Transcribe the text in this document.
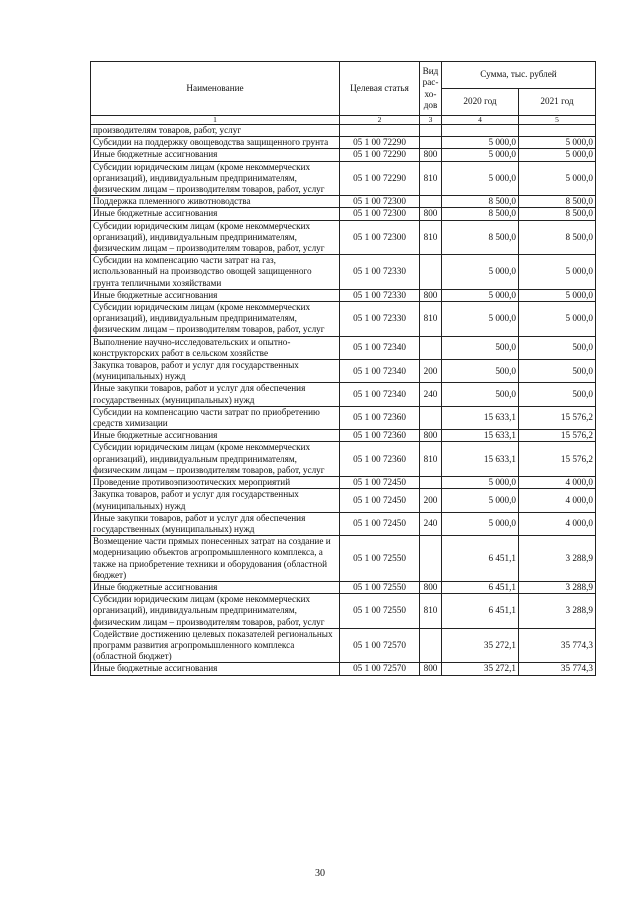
Наименование	Целевая статья	Вид рас-хо-дов	Сумма, тыс. рублей	
			2020 год	2021 год
1	2	3	4	5
производителям товаров, работ, услуг				
Субсидии на поддержку овощеводства защищенного грунта	05 1 00 72290		5 000,0	5 000,0
Иные бюджетные ассигнования	05 1 00 72290	800	5 000,0	5 000,0
Субсидии юридическим лицам (кроме некоммерческих организаций), индивидуальным предпринимателям, физическим лицам – производителям товаров, работ, услуг	05 1 00 72290	810	5 000,0	5 000,0
Поддержка племенного животноводства	05 1 00 72300		8 500,0	8 500,0
Иные бюджетные ассигнования	05 1 00 72300	800	8 500,0	8 500,0
Субсидии юридическим лицам (кроме некоммерческих организаций), индивидуальным предпринимателям, физическим лицам – производителям товаров, работ, услуг	05 1 00 72300	810	8 500,0	8 500,0
Субсидии на компенсацию части затрат на газ, использованный на производство овощей защищенного грунта тепличными хозяйствами	05 1 00 72330		5 000,0	5 000,0
Иные бюджетные ассигнования	05 1 00 72330	800	5 000,0	5 000,0
Субсидии юридическим лицам (кроме некоммерческих организаций), индивидуальным предпринимателям, физическим лицам – производителям товаров, работ, услуг	05 1 00 72330	810	5 000,0	5 000,0
Выполнение научно-исследовательских и опытно-конструкторских работ в сельском хозяйстве	05 1 00 72340		500,0	500,0
Закупка товаров, работ и услуг для государственных (муниципальных) нужд	05 1 00 72340	200	500,0	500,0
Иные закупки товаров, работ и услуг для обеспечения государственных (муниципальных) нужд	05 1 00 72340	240	500,0	500,0
Субсидии на компенсацию части затрат по приобретению средств химизации	05 1 00 72360		15 633,1	15 576,2
Иные бюджетные ассигнования	05 1 00 72360	800	15 633,1	15 576,2
Субсидии юридическим лицам (кроме некоммерческих организаций), индивидуальным предпринимателям, физическим лицам – производителям товаров, работ, услуг	05 1 00 72360	810	15 633,1	15 576,2
Проведение противоэпизоотических мероприятий	05 1 00 72450		5 000,0	4 000,0
Закупка товаров, работ и услуг для государственных (муниципальных) нужд	05 1 00 72450	200	5 000,0	4 000,0
Иные закупки товаров, работ и услуг для обеспечения государственных (муниципальных) нужд	05 1 00 72450	240	5 000,0	4 000,0
Возмещение части прямых понесенных затрат на создание и модернизацию объектов агропромышленного комплекса, а также на приобретение техники и оборудования (областной бюджет)	05 1 00 72550		6 451,1	3 288,9
Иные бюджетные ассигнования	05 1 00 72550	800	6 451,1	3 288,9
Субсидии юридическим лицам (кроме некоммерческих организаций), индивидуальным предпринимателям, физическим лицам – производителям товаров, работ, услуг	05 1 00 72550	810	6 451,1	3 288,9
Содействие достижению целевых показателей региональных программ развития агропромышленного комплекса (областной бюджет)	05 1 00 72570		35 272,1	35 774,3
Иные бюджетные ассигнования	05 1 00 72570	800	35 272,1	35 774,3
30
